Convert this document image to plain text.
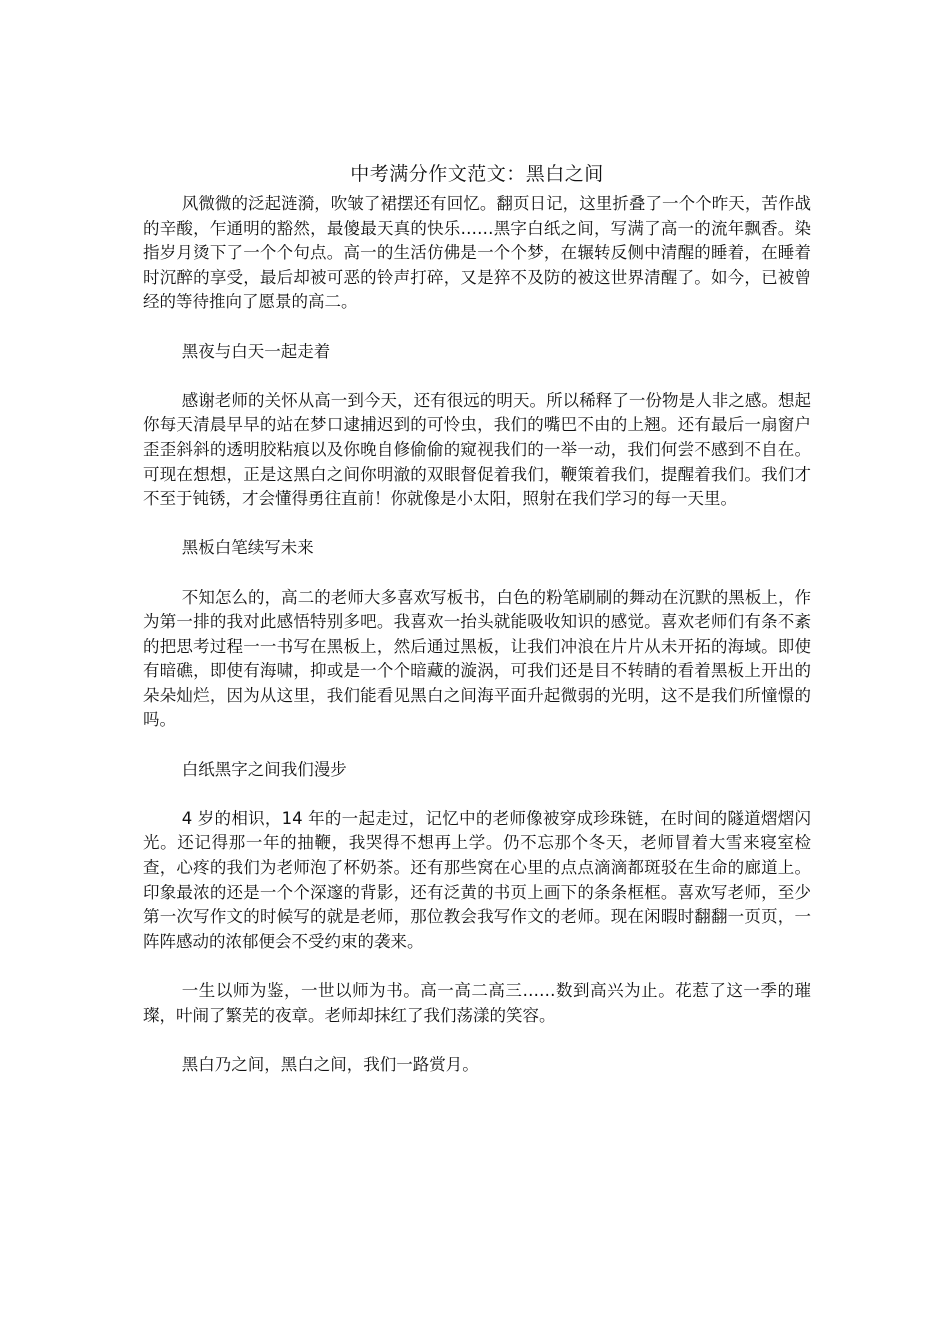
中考满分作文范文：黑白之间

风微微的泛起涟漪，吹皱了裙摆还有回忆。翻页日记，这里折叠了一个个昨天，苦作战的辛酸，乍通明的豁然，最傻最天真的快乐……黑字白纸之间，写满了高一的流年飘香。染指岁月烫下了一个个句点。高一的生活仿佛是一个个梦，在辗转反侧中清醒的睡着，在睡着时沉醉的享受，最后却被可恶的铃声打碎，又是猝不及防的被这世界清醒了。如今，已被曾经的等待推向了愿景的高二。

黑夜与白天一起走着

感谢老师的关怀从高一到今天，还有很远的明天。所以稀释了一份物是人非之感。想起你每天清晨早早的站在梦口逮捕迟到的可怜虫，我们的嘴巴不由的上翘。还有最后一扇窗户歪歪斜斜的透明胶粘痕以及你晚自修偷偷的窥视我们的一举一动，我们何尝不感到不自在。可现在想想，正是这黑白之间你明澈的双眼督促着我们，鞭策着我们，提醒着我们。我们才不至于钝锈，才会懂得勇往直前！你就像是小太阳，照射在我们学习的每一天里。

黑板白笔续写未来

不知怎么的，高二的老师大多喜欢写板书，白色的粉笔刷刷的舞动在沉默的黑板上，作为第一排的我对此感悟特别多吧。我喜欢一抬头就能吸收知识的感觉。喜欢老师们有条不紊的把思考过程一一书写在黑板上，然后通过黑板，让我们冲浪在片片从未开拓的海域。即使有暗礁，即使有海啸，抑或是一个个暗藏的漩涡，可我们还是目不转睛的看着黑板上开出的朵朵灿烂，因为从这里，我们能看见黑白之间海平面升起微弱的光明，这不是我们所憧憬的吗。

白纸黑字之间我们漫步

4 岁的相识，14 年的一起走过，记忆中的老师像被穿成珍珠链，在时间的隧道熠熠闪光。还记得那一年的抽鞭，我哭得不想再上学。仍不忘那个冬天，老师冒着大雪来寝室检查，心疼的我们为老师泡了杯奶茶。还有那些窝在心里的点点滴滴都斑驳在生命的廊道上。印象最浓的还是一个个深邃的背影，还有泛黄的书页上画下的条条框框。喜欢写老师，至少第一次写作文的时候写的就是老师，那位教会我写作文的老师。现在闲暇时翻翻一页页，一阵阵感动的浓郁便会不受约束的袭来。

一生以师为鉴，一世以师为书。高一高二高三……数到高兴为止。花惹了这一季的璀璨，叶闹了繁芜的夜章。老师却抹红了我们荡漾的笑容。

黑白乃之间，黑白之间，我们一路赏月。
